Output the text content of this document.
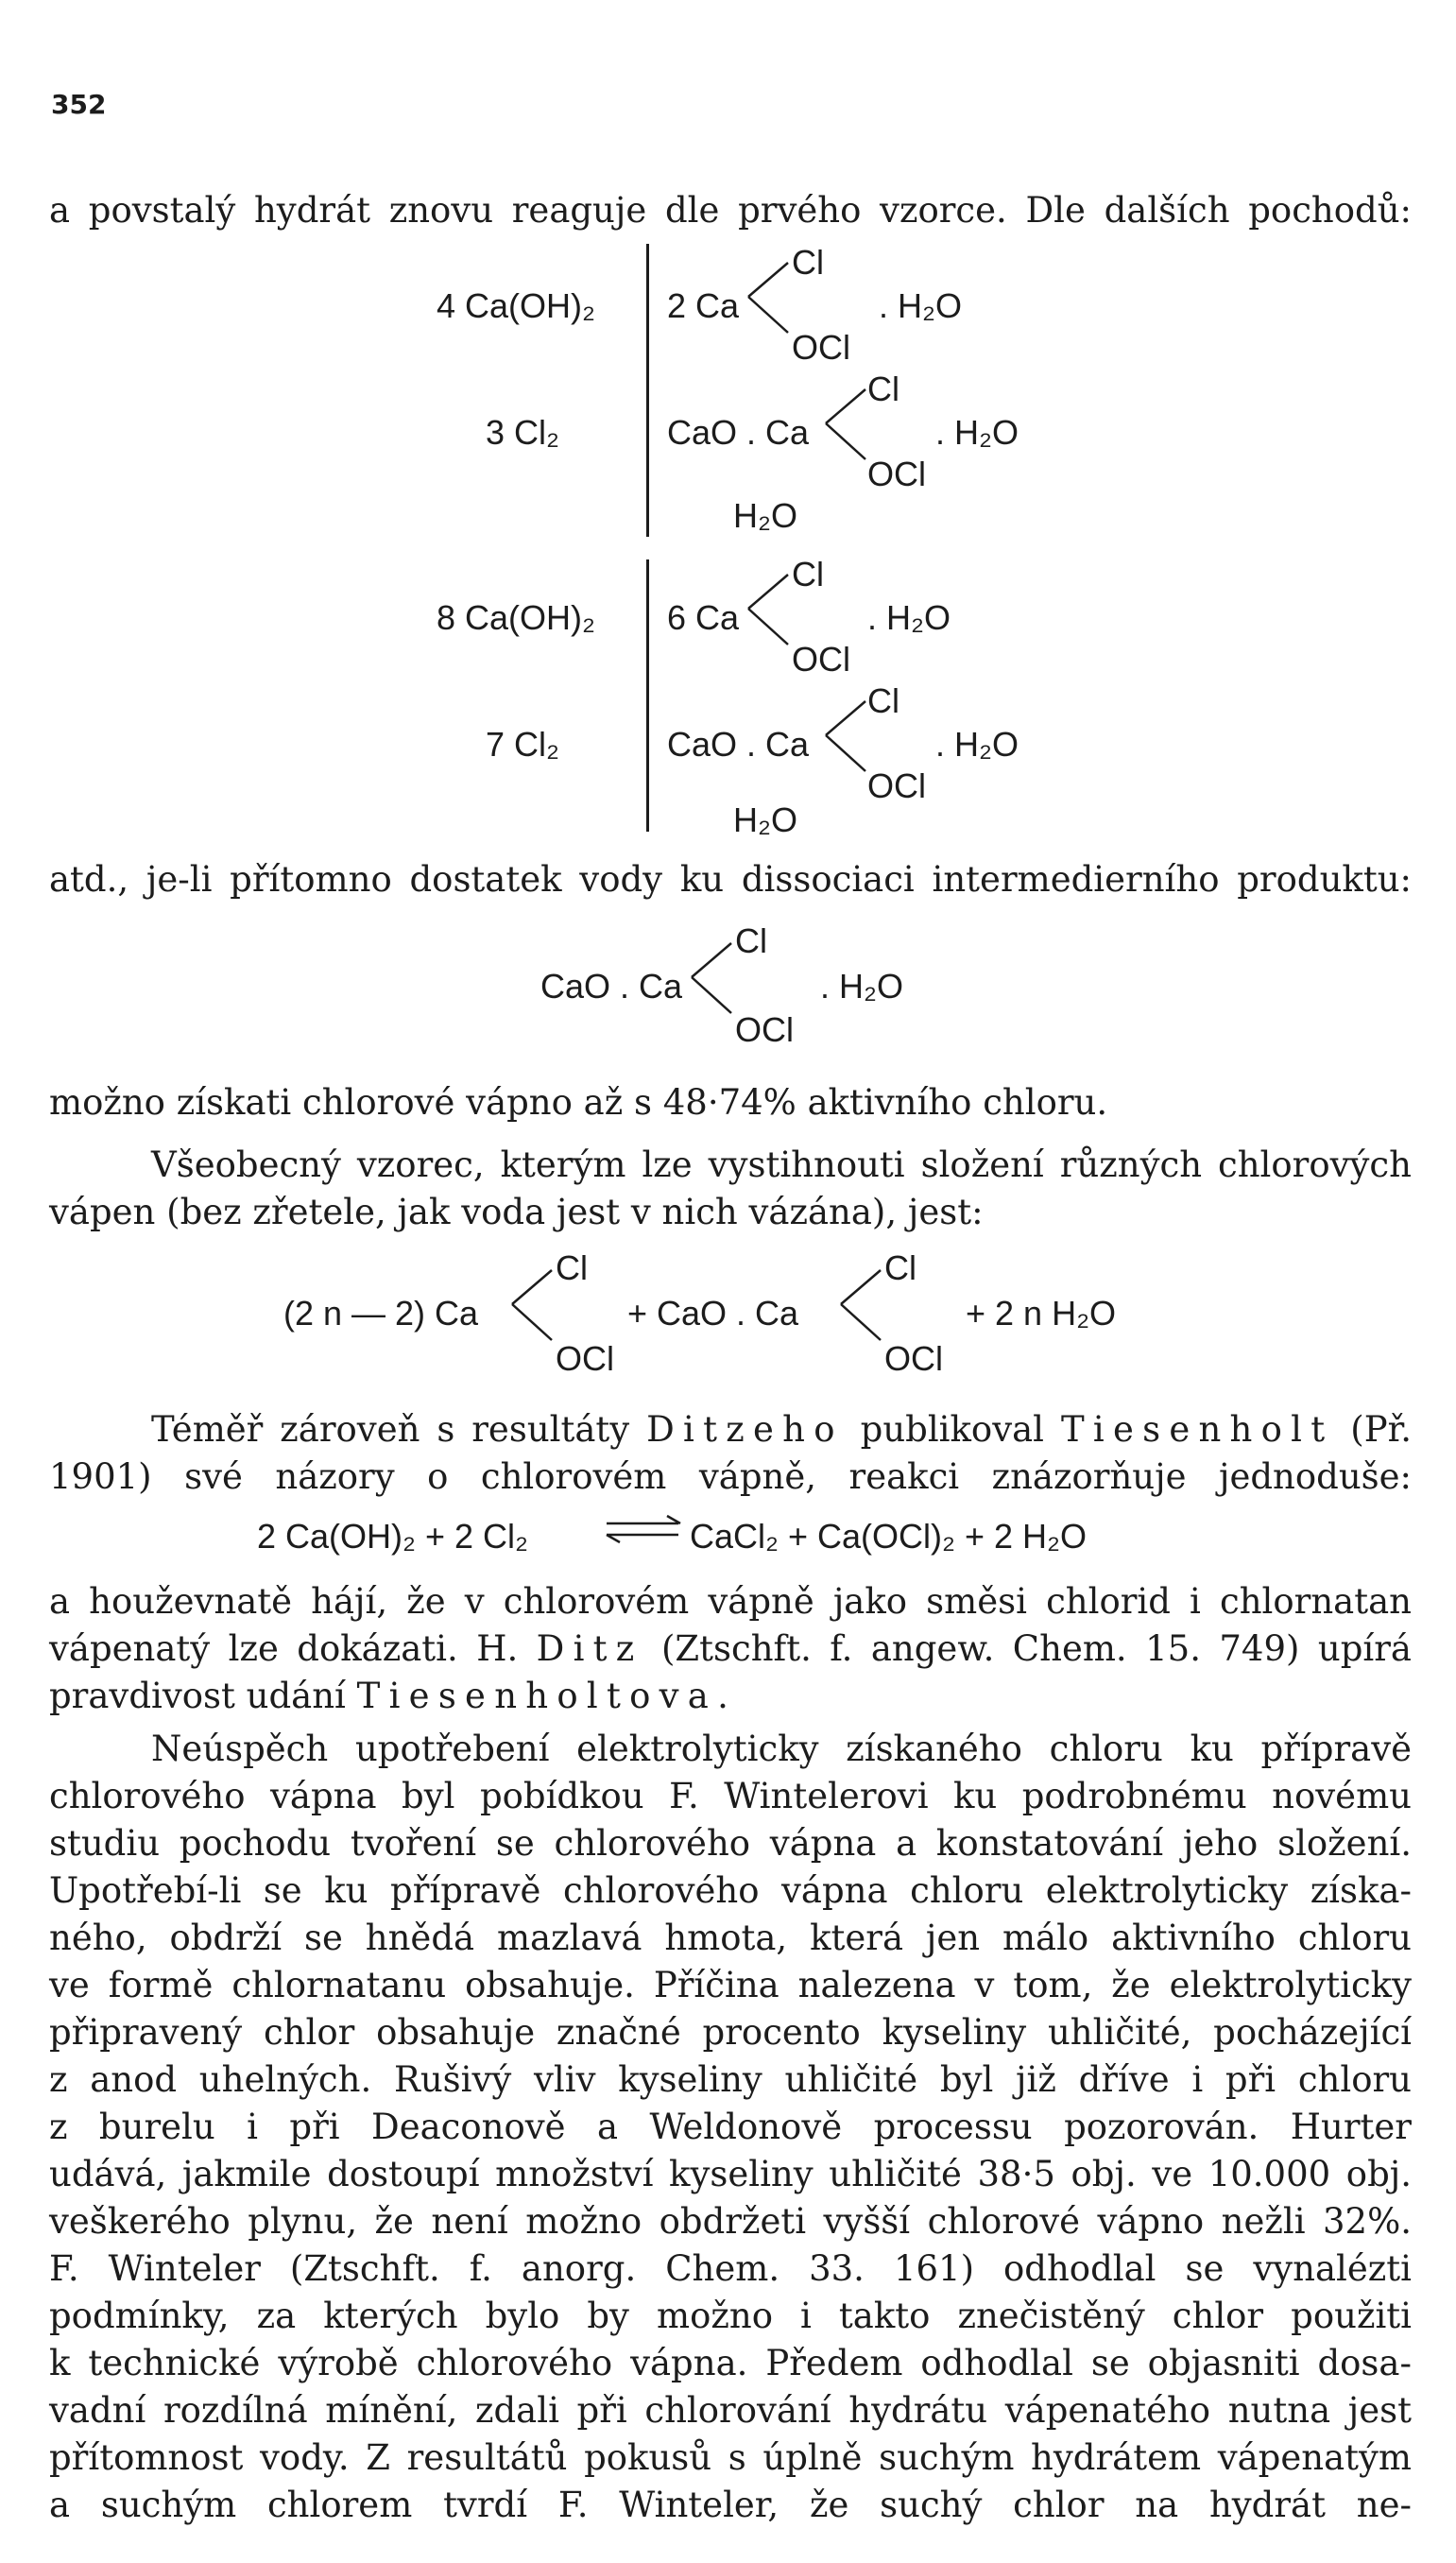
352
a povstalý hydrát znovu reaguje dle prvého vzorce. Dle dalších pochodů:
4 Ca(OH)₂ 2 Ca
Cl
OCl
. H₂O
3 Cl₂	CaO . Ca
Cl
OCl
. H₂O
H₂O
8 Ca(OH)₂ 6 Ca
Cl
OCl
. H₂O
7 Cl₂	CaO . Ca
Cl
OCl
. H₂O
H₂O
atd., je-li přítomno dostatek vody ku dissociaci intermedierního produktu:
CaO . Ca
Cl
OCl
. H₂O
možno získati chlorové vápno až s 48·74% aktivního chloru.
Všeobecný vzorec, kterým lze vystihnouti složení různých chlorových
vápen (bez zřetele, jak voda jest v nich vázána), jest:
(2 n — 2) Ca
Cl
OCl
+ CaO . Ca
Cl
OCl
+ 2 n H₂O
Téměř zároveň s resultáty Ditzeho publikoval Tiesenholt (Př.
1901) své názory o chlorovém vápně, reakci znázorňuje jednoduše:
2 Ca(OH)₂ + 2 Cl₂	CaCl₂ + Ca(OCl)₂ + 2 H₂O
a houževnatě hájí, že v chlorovém vápně jako směsi chlorid i chlornatan
vápenatý lze dokázati. H. Ditz (Ztschft. f. angew. Chem. 15. 749) upírá
pravdivost udání Tiesenholtova.
Neúspěch upotřebení elektrolyticky získaného chloru ku přípravě
chlorového vápna byl pobídkou F. Wintelerovi ku podrobnému novému
studiu pochodu tvoření se chlorového vápna a konstatování jeho složení.
Upotřebí-li se ku přípravě chlorového vápna chloru elektrolyticky získa-
ného, obdrží se hnědá mazlavá hmota, která jen málo aktivního chloru
ve formě chlornatanu obsahuje. Příčina nalezena v tom, že elektrolyticky
připravený chlor obsahuje značné procento kyseliny uhličité, pocházející
z anod uhelných. Rušivý vliv kyseliny uhličité byl již dříve i při chloru
z burelu i při Deaconově a Weldonově processu pozorován. Hurter
udává, jakmile dostoupí množství kyseliny uhličité 38·5 obj. ve 10.000 obj.
veškerého plynu, že není možno obdržeti vyšší chlorové vápno nežli 32%.
F. Winteler (Ztschft. f. anorg. Chem. 33. 161) odhodlal se vynalézti
podmínky, za kterých bylo by možno i takto znečistěný chlor použiti
k technické výrobě chlorového vápna. Předem odhodlal se objasniti dosa-
vadní rozdílná mínění, zdali při chlorování hydrátu vápenatého nutna jest
přítomnost vody. Z resultátů pokusů s úplně suchým hydrátem vápenatým
a suchým chlorem tvrdí F. Winteler, že suchý chlor na hydrát ne-
